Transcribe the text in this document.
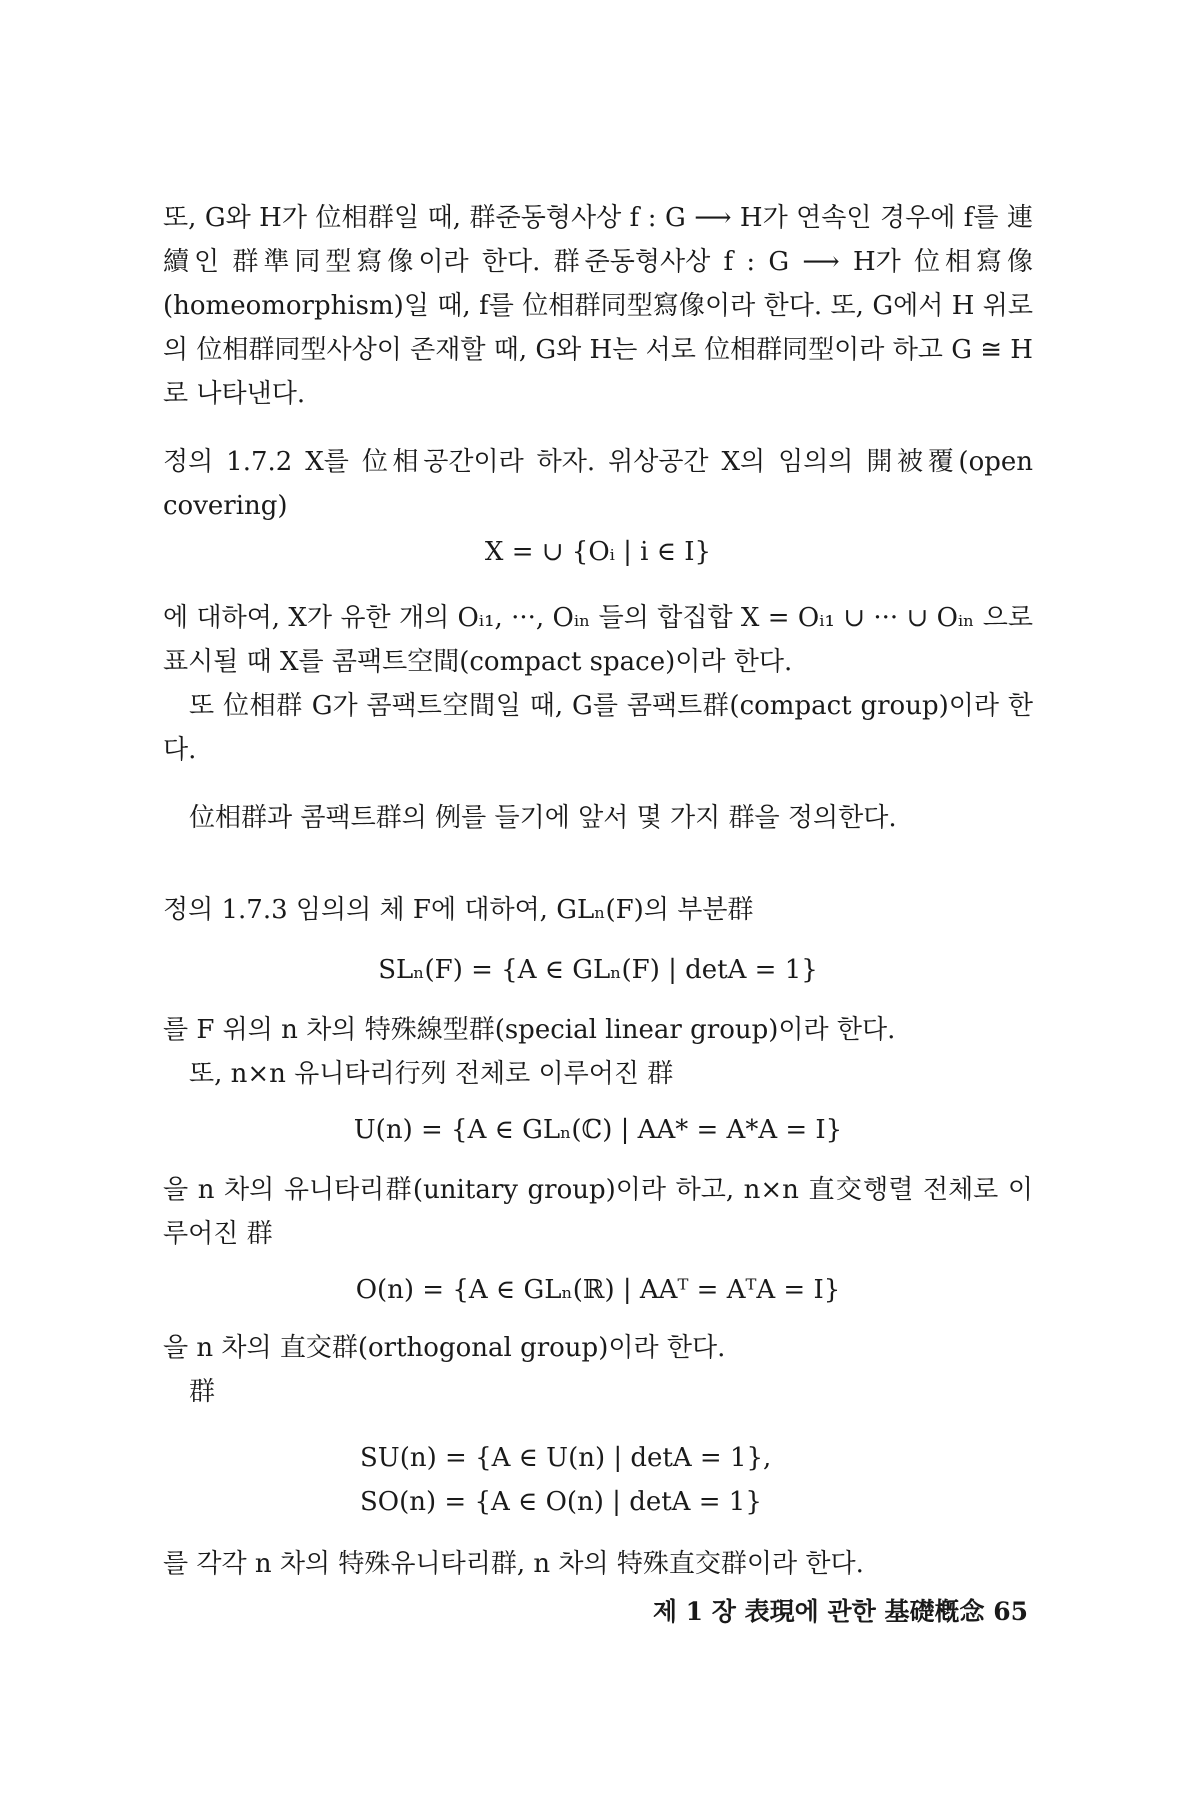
또, G와 H가 位相群일 때, 群준동형사상 f : G ⟶ H가 연속인 경우에 f를 連續인 群準同型寫像이라 한다. 群준동형사상 f : G ⟶ H가 位相寫像(homeomorphism)일 때, f를 位相群同型寫像이라 한다. 또, G에서 H 위로의 位相群同型사상이 존재할 때, G와 H는 서로 位相群同型이라 하고 G ≅ H로 나타낸다.

정의 1.7.2 X를 位相공간이라 하자. 위상공간 X의 임의의 開被覆(open covering)

X = ∪ {Oᵢ | i ∈ I}

에 대하여, X가 유한 개의 Oᵢ₁, ···, Oᵢₙ 들의 합집합 X = Oᵢ₁ ∪ ··· ∪ Oᵢₙ 으로 표시될 때 X를 콤팩트空間(compact space)이라 한다.

또 位相群 G가 콤팩트空間일 때, G를 콤팩트群(compact group)이라 한다.

位相群과 콤팩트群의 例를 들기에 앞서 몇 가지 群을 정의한다.

정의 1.7.3 임의의 체 F에 대하여, GLₙ(F)의 부분群

SLₙ(F) = {A ∈ GLₙ(F) | detA = 1}

를 F 위의 n 차의 特殊線型群(special linear group)이라 한다.

또, n×n 유니타리行列 전체로 이루어진 群

U(n) = {A ∈ GLₙ(ℂ) | AA* = A*A = I}

을 n 차의 유니타리群(unitary group)이라 하고, n×n 直交행렬 전체로 이루어진 群

O(n) = {A ∈ GLₙ(ℝ) | AAᵀ = AᵀA = I}

을 n 차의 直交群(orthogonal group)이라 한다.

群

SU(n) = {A ∈ U(n) | detA = 1},

SO(n) = {A ∈ O(n) | detA = 1}

를 각각 n 차의 特殊유니타리群, n 차의 特殊直交群이라 한다.

제 1 장 表現에 관한 基礎槪念 65
